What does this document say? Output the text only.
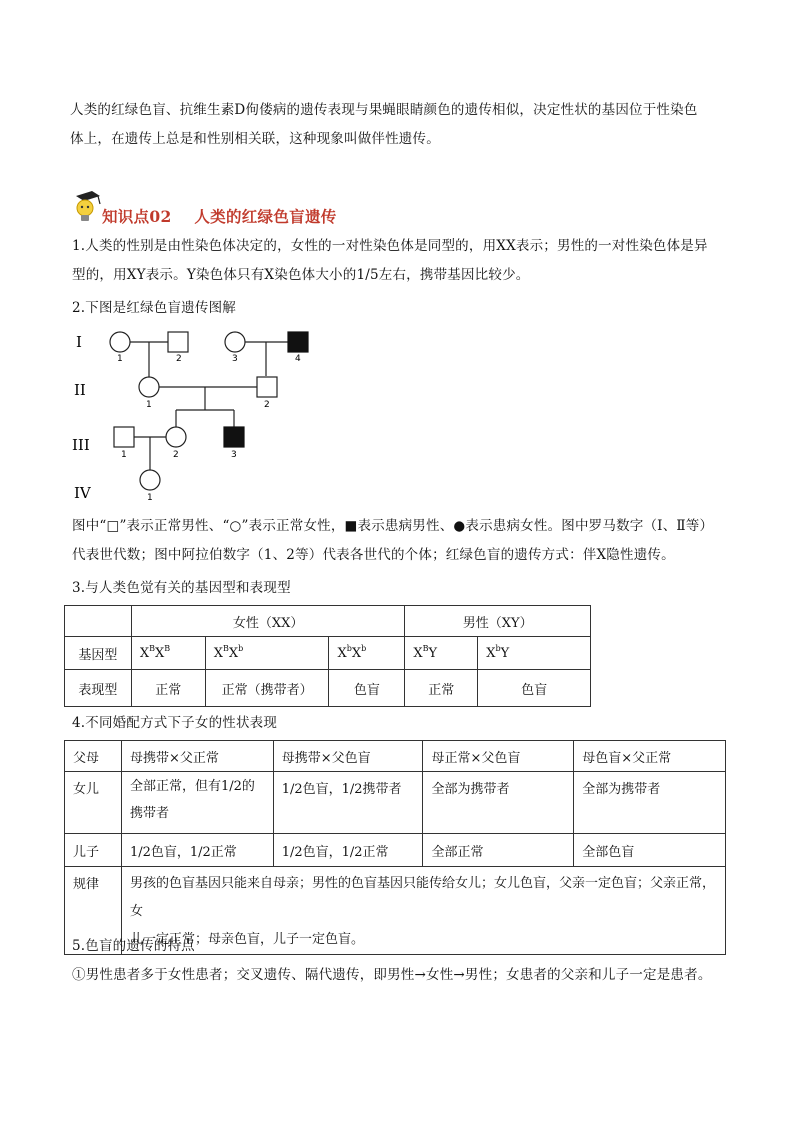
人类的红绿色盲、抗维生素D佝偻病的遗传表现与果蝇眼睛颜色的遗传相似，决定性状的基因位于性染色
体上，在遗传上总是和性别相关联，这种现象叫做伴性遗传。
知识点02    人类的红绿色盲遗传
1.人类的性别是由性染色体决定的，女性的一对性染色体是同型的，用XX表示；男性的一对性染色体是异
型的，用XY表示。Y染色体只有X染色体大小的1/5左右，携带基因比较少。
2.下图是红绿色盲遗传图解
I
II
III
IV
1	2	3	4
1	2
1	2	3
1
图中“□”表示正常男性、“○”表示正常女性，■表示患病男性、●表示患病女性。图中罗马数字（Ⅰ、Ⅱ等）
代表世代数；图中阿拉伯数字（1、2等）代表各世代的个体；红绿色盲的遗传方式：伴X隐性遗传。
3.与人类色觉有关的基因型和表现型
	女性（XX）			男性（XY）	
基因型	$X^BX^B$	$X^BX^b$	$X^bX^b$	$X^BY$	$X^bY$
表现型	正常	正常（携带者）	色盲	正常	色盲
4.不同婚配方式下子女的性状表现
父母	母携带×父正常	母携带×父色盲	母正常×父色盲	母色盲×父正常
女儿	全部正常，但有1/2的
携带者	1/2色盲，1/2携带者	全部为携带者	全部为携带者
儿子	1/2色盲，1/2正常	1/2色盲，1/2正常	全部正常	全部色盲
规律	男孩的色盲基因只能来自母亲；男性的色盲基因只能传给女儿；女儿色盲，父亲一定色盲；父亲正常，女
儿一定正常；母亲色盲，儿子一定色盲。			
5.色盲的遗传的特点
①男性患者多于女性患者；交叉遗传、隔代遗传，即男性→女性→男性；女患者的父亲和儿子一定是患者。
